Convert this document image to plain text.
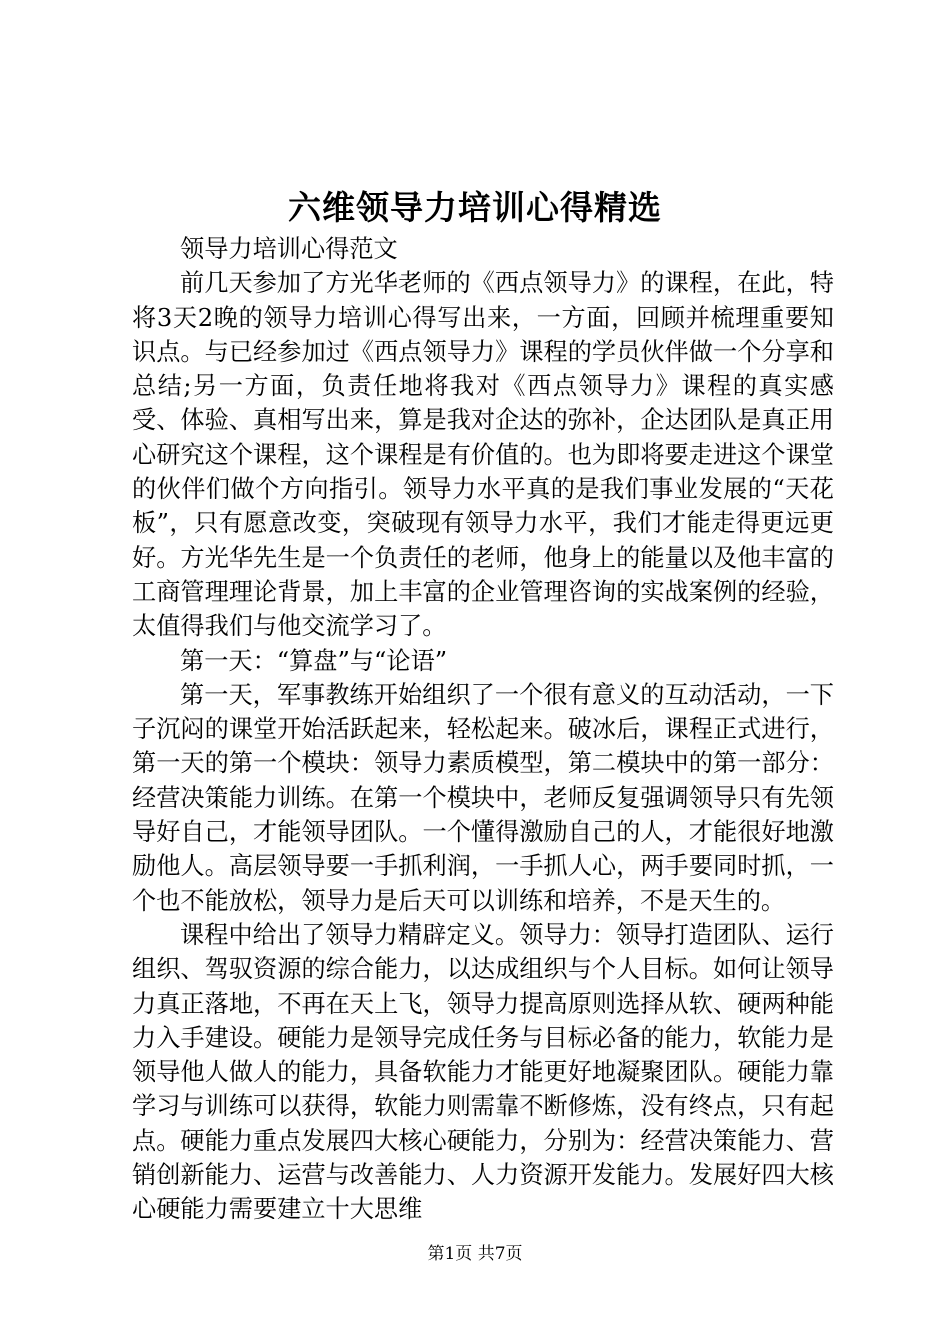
六维领导力培训心得精选

领导力培训心得范文

前几天参加了方光华老师的《西点领导力》的课程，在此，特将3天2晚的领导力培训心得写出来，一方面，回顾并梳理重要知识点。与已经参加过《西点领导力》课程的学员伙伴做一个分享和总结;另一方面，负责任地将我对《西点领导力》课程的真实感受、体验、真相写出来，算是我对企达的弥补，企达团队是真正用心研究这个课程，这个课程是有价值的。也为即将要走进这个课堂的伙伴们做个方向指引。领导力水平真的是我们事业发展的“天花板”，只有愿意改变，突破现有领导力水平，我们才能走得更远更好。方光华先生是一个负责任的老师，他身上的能量以及他丰富的工商管理理论背景，加上丰富的企业管理咨询的实战案例的经验，太值得我们与他交流学习了。

第一天：“算盘”与“论语”

第一天，军事教练开始组织了一个很有意义的互动活动，一下子沉闷的课堂开始活跃起来，轻松起来。破冰后，课程正式进行，第一天的第一个模块：领导力素质模型，第二模块中的第一部分：经营决策能力训练。在第一个模块中，老师反复强调领导只有先领导好自己，才能领导团队。一个懂得激励自己的人，才能很好地激励他人。高层领导要一手抓利润，一手抓人心，两手要同时抓，一个也不能放松，领导力是后天可以训练和培养，不是天生的。

课程中给出了领导力精辟定义。领导力：领导打造团队、运行组织、驾驭资源的综合能力，以达成组织与个人目标。如何让领导力真正落地，不再在天上飞，领导力提高原则选择从软、硬两种能力入手建设。硬能力是领导完成任务与目标必备的能力，软能力是领导他人做人的能力，具备软能力才能更好地凝聚团队。硬能力靠学习与训练可以获得，软能力则需靠不断修炼，没有终点，只有起点。硬能力重点发展四大核心硬能力，分别为：经营决策能力、营销创新能力、运营与改善能力、人力资源开发能力。发展好四大核心硬能力需要建立十大思维

第1页 共7页
